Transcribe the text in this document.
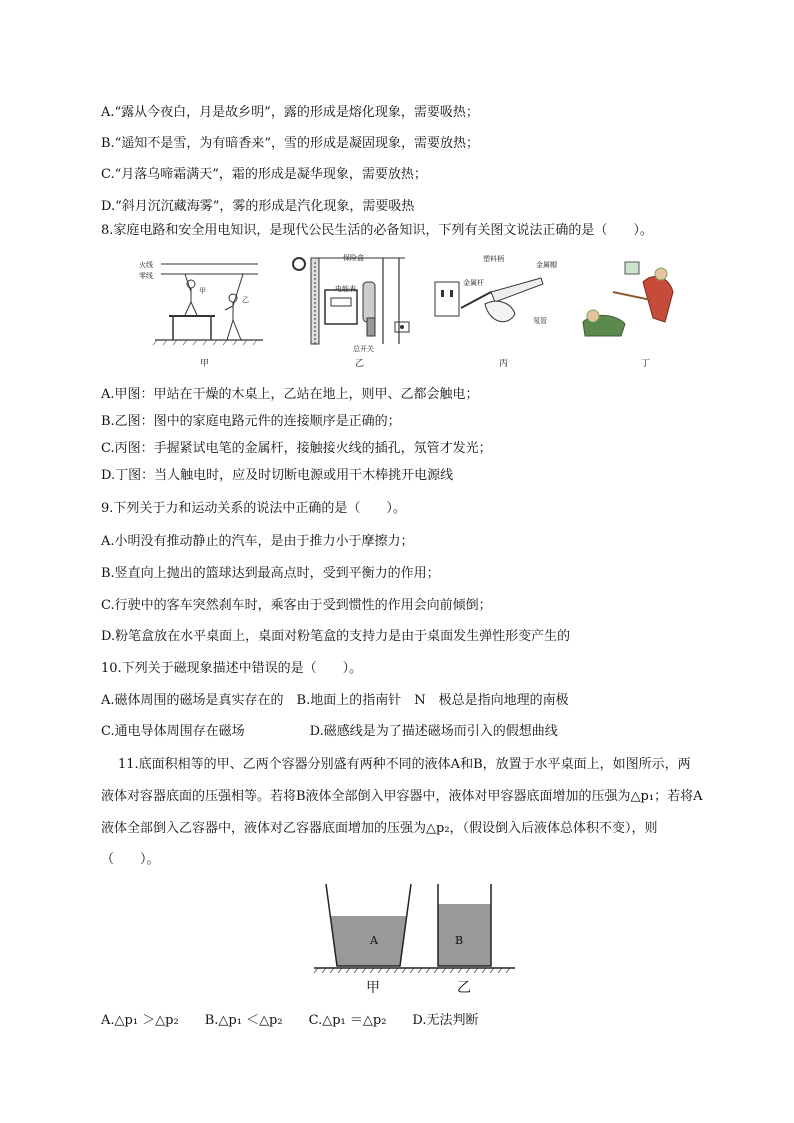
A.“露从今夜白，月是故乡明”，露的形成是熔化现象，需要吸热；
B.“遥知不是雪，为有暗香来”，雪的形成是凝固现象，需要放热；
C.“月落乌啼霜满天”，霜的形成是凝华现象，需要放热；
D.“斜月沉沉藏海雾”，雾的形成是汽化现象，需要吸热
8.家庭电路和安全用电知识，是现代公民生活的必备知识，下列有关图文说法正确的是（　　）。
火线
零线
甲
乙
甲
保险盒
电能表
总开关
乙
塑料柄
金属帽
金属杆
氖管
丙	丁
A.甲图：甲站在干燥的木桌上，乙站在地上，则甲、乙都会触电；
B.乙图：图中的家庭电路元件的连接顺序是正确的；
C.丙图：手握紧试电笔的金属杆，接触接火线的插孔，氖管才发光；
D.丁图：当人触电时，应及时切断电源或用干木棒挑开电源线
9.下列关于力和运动关系的说法中正确的是（　　）。
A.小明没有推动静止的汽车，是由于推力小于摩擦力；
B.竖直向上抛出的篮球达到最高点时，受到平衡力的作用；
C.行驶中的客车突然刹车时，乘客由于受到惯性的作用会向前倾倒；
D.粉笔盒放在水平桌面上，桌面对粉笔盒的支持力是由于桌面发生弹性形变产生的
10.下列关于磁现象描述中错误的是（　　）。
A.磁体周围的磁场是真实存在的　B.地面上的指南针　N　极总是指向地理的南极
C.通电导体周围存在磁场　　　　　D.磁感线是为了描述磁场而引入的假想曲线
11.底面积相等的甲、乙两个容器分别盛有两种不同的液体A和B，放置于水平桌面上，如图所示，两
液体对容器底面的压强相等。若将B液体全部倒入甲容器中，液体对甲容器底面增加的压强为△p₁；若将A
液体全部倒入乙容器中，液体对乙容器底面增加的压强为△p₂，（假设倒入后液体总体积不变），则
（　　）。
A	B
甲	乙
A.△p₁ ＞△p₂　　B.△p₁ ＜△p₂　　C.△p₁ ＝△p₂　　D.无法判断
